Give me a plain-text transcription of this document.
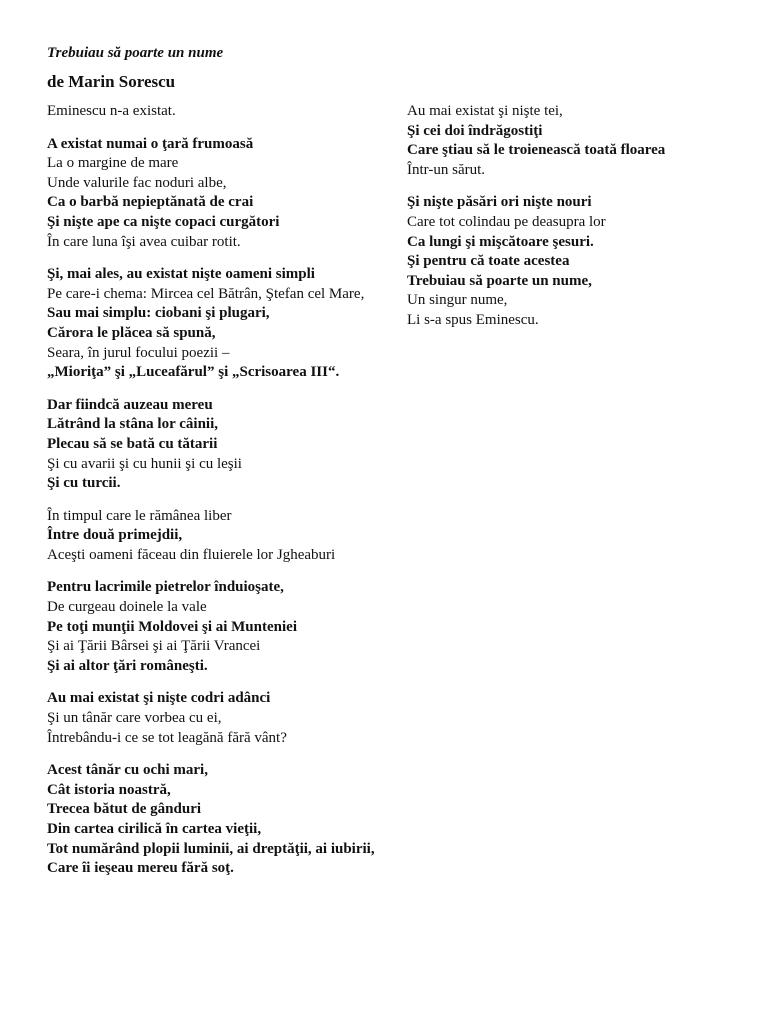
Trebuiau să poarte un nume
de Marin Sorescu
Eminescu n-a existat.
A existat numai o ţară frumoasă
La o margine de mare
Unde valurile fac noduri albe,
Ca o barbă nepieptănată de crai
Şi nişte ape ca nişte copaci curgători
În care luna îşi avea cuibar rotit.
Şi, mai ales, au existat nişte oameni simpli
Pe care-i chema: Mircea cel Bătrân, Ştefan cel Mare,
Sau mai simplu: ciobani şi plugari,
Cărora le plăcea să spună,
Seara, în jurul focului poezii –
„Mioriţa” şi „Luceafărul” şi „Scrisoarea III“.
Dar fiindcă auzeau mereu
Lătrând la stâna lor câinii,
Plecau să se bată cu tătarii
Şi cu avarii şi cu hunii şi cu leşii
Şi cu turcii.
În timpul care le rămânea liber
Între două primejdii,
Aceşti oameni făceau din fluierele lor Jgheaburi
Pentru lacrimile pietrelor înduioşate,
De curgeau doinele la vale
Pe toţi munţii Moldovei şi ai Munteniei
Şi ai Ţării Bârsei şi ai Ţării Vrancei
Şi ai altor ţări româneşti.
Au mai existat şi nişte codri adânci
Şi un tânăr care vorbea cu ei,
Întrebându-i ce se tot leagănă fără vânt?
Acest tânăr cu ochi mari,
Cât istoria noastră,
Trecea bătut de gânduri
Din cartea cirilică în cartea vieţii,
Tot numărând plopii luminii, ai dreptăţii, ai iubirii,
Care îi ieşeau mereu fără soţ.
Au mai existat şi nişte tei,
Şi cei doi îndrăgostiţi
Care ştiau să le troienească toată floarea
Într-un sărut.
Şi nişte păsări ori nişte nouri
Care tot colindau pe deasupra lor
Ca lungi şi mişcătoare şesuri.
Şi pentru că toate acestea
Trebuiau să poarte un nume,
Un singur nume,
Li s-a spus Eminescu.
